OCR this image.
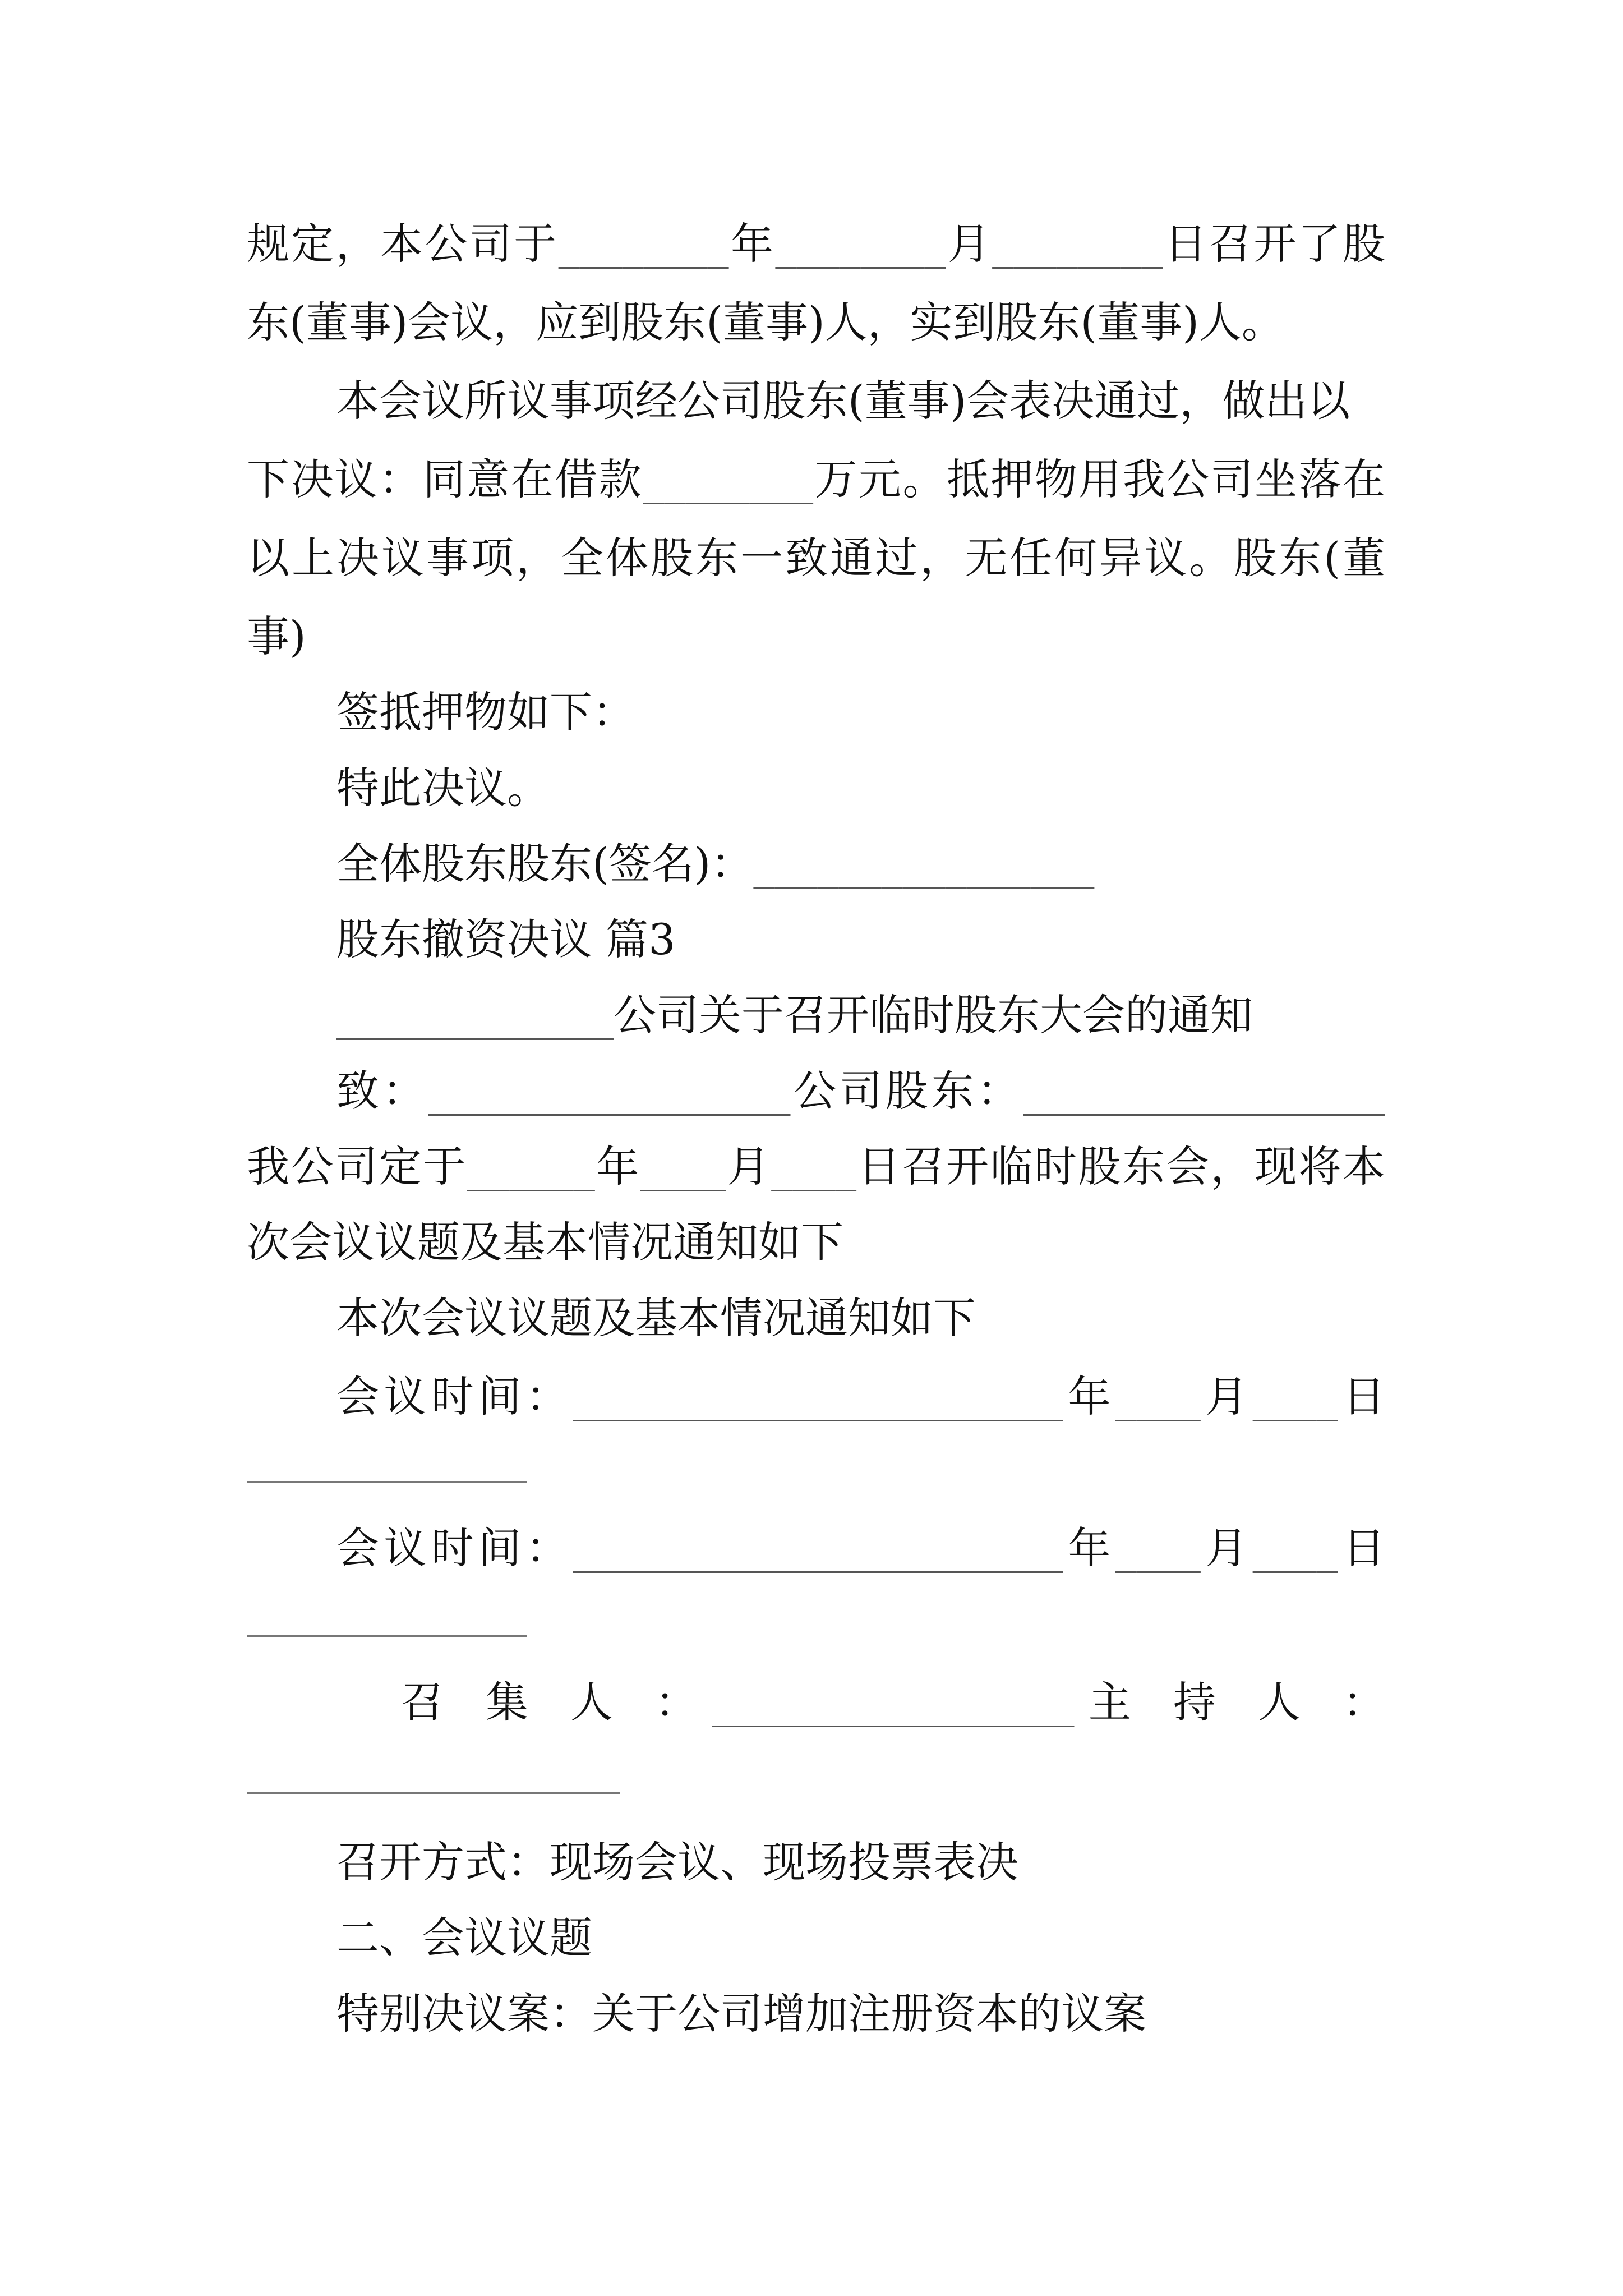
规定，本公司于________年________月________日召开了股
东(董事)会议，应到股东(董事)人，实到股东(董事)人。
本会议所议事项经公司股东(董事)会表决通过，做出以
下决议：同意在借款________万元。抵押物用我公司坐落在
以上决议事项，全体股东一致通过，无任何异议。股东(董
事)
签抵押物如下：
特此决议。
全体股东股东(签名)：________________
股东撤资决议 篇3
_____________公司关于召开临时股东大会的通知
致：_________________公司股东：_________________
我公司定于______年____月____日召开临时股东会，现将本
次会议议题及基本情况通知如下
本次会议议题及基本情况通知如下
会议时间：_______________________年____月____日
会议时间：_______________________年____月____日
召 集 人 ：_________________主 持 人 ：
召开方式：现场会议、现场投票表决
二、会议议题
特别决议案：关于公司增加注册资本的议案
